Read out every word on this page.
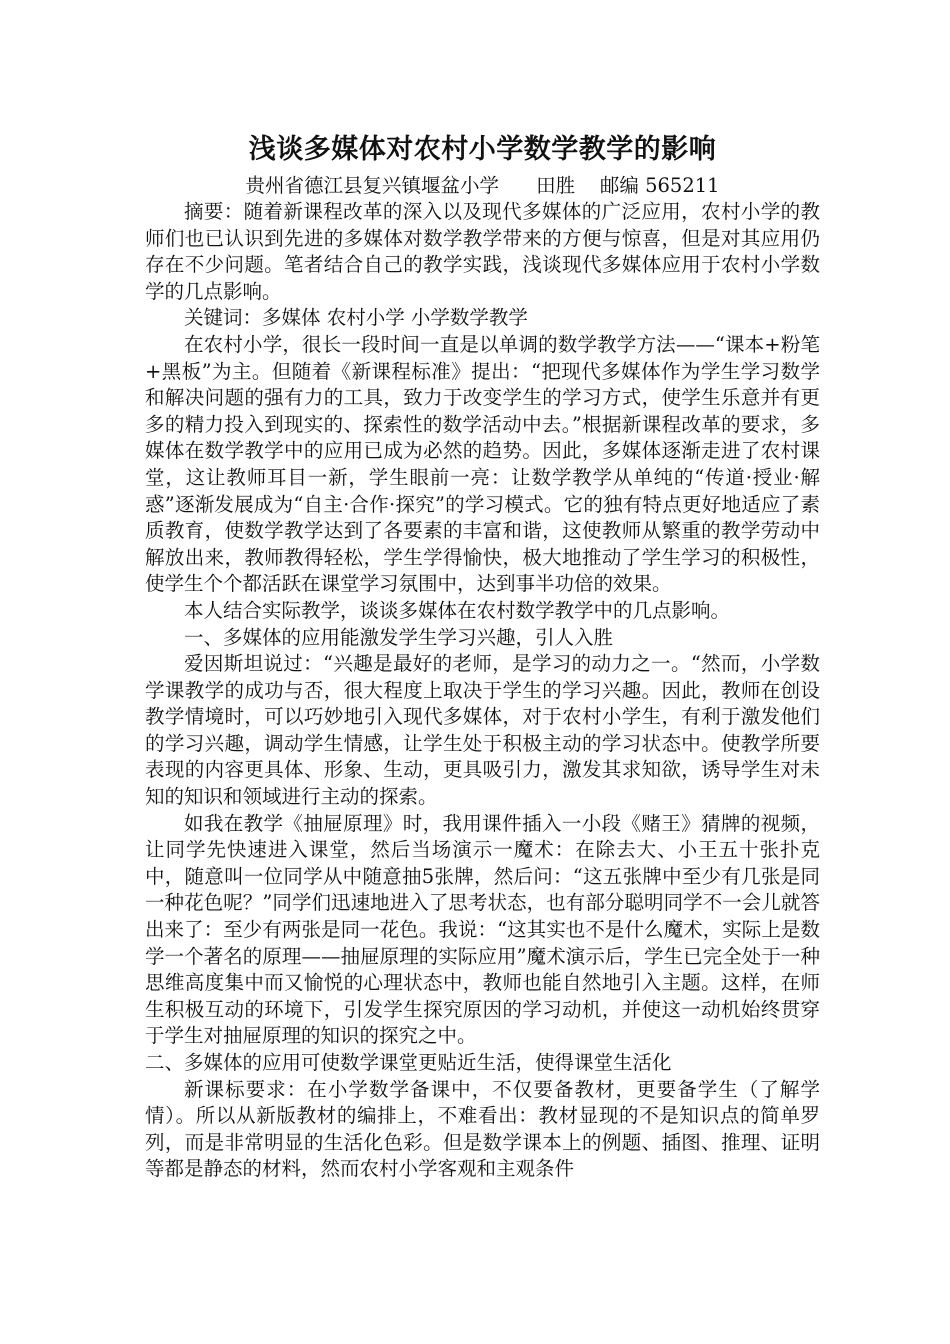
浅谈多媒体对农村小学数学教学的影响
贵州省德江县复兴镇堰盆小学      田胜    邮编 565211

摘要：随着新课程改革的深入以及现代多媒体的广泛应用，农村小学的教师们也已认识到先进的多媒体对数学教学带来的方便与惊喜，但是对其应用仍存在不少问题。笔者结合自己的教学实践，浅谈现代多媒体应用于农村小学数学的几点影响。

关键词：多媒体 农村小学 小学数学教学

在农村小学，很长一段时间一直是以单调的数学教学方法——“课本+粉笔+黑板”为主。但随着《新课程标准》提出：“把现代多媒体作为学生学习数学和解决问题的强有力的工具，致力于改变学生的学习方式，使学生乐意并有更多的精力投入到现实的、探索性的数学活动中去。”根据新课程改革的要求，多媒体在数学教学中的应用已成为必然的趋势。因此，多媒体逐渐走进了农村课堂，这让教师耳目一新，学生眼前一亮：让数学教学从单纯的“传道·授业·解惑”逐渐发展成为“自主·合作·探究”的学习模式。它的独有特点更好地适应了素质教育，使数学教学达到了各要素的丰富和谐，这使教师从繁重的教学劳动中解放出来，教师教得轻松，学生学得愉快，极大地推动了学生学习的积极性，使学生个个都活跃在课堂学习氛围中，达到事半功倍的效果。

本人结合实际教学，谈谈多媒体在农村数学教学中的几点影响。

一、多媒体的应用能激发学生学习兴趣，引人入胜

爱因斯坦说过：“兴趣是最好的老师，是学习的动力之一。“然而，小学数学课教学的成功与否，很大程度上取决于学生的学习兴趣。因此，教师在创设教学情境时，可以巧妙地引入现代多媒体，对于农村小学生，有利于激发他们的学习兴趣，调动学生情感，让学生处于积极主动的学习状态中。使教学所要表现的内容更具体、形象、生动，更具吸引力，激发其求知欲，诱导学生对未知的知识和领域进行主动的探索。

如我在教学《抽屉原理》时，我用课件插入一小段《赌王》猜牌的视频，让同学先快速进入课堂，然后当场演示一魔术：在除去大、小王五十张扑克中，随意叫一位同学从中随意抽5张牌，然后问：“这五张牌中至少有几张是同一种花色呢？”同学们迅速地进入了思考状态，也有部分聪明同学不一会儿就答出来了：至少有两张是同一花色。我说：“这其实也不是什么魔术，实际上是数学一个著名的原理——抽屉原理的实际应用”魔术演示后，学生已完全处于一种思维高度集中而又愉悦的心理状态中，教师也能自然地引入主题。这样，在师生积极互动的环境下，引发学生探究原因的学习动机，并使这一动机始终贯穿于学生对抽屉原理的知识的探究之中。

二、多媒体的应用可使数学课堂更贴近生活，使得课堂生活化

新课标要求：在小学数学备课中，不仅要备教材，更要备学生（了解学情）。所以从新版教材的编排上，不难看出：教材显现的不是知识点的简单罗列，而是非常明显的生活化色彩。但是数学课本上的例题、插图、推理、证明等都是静态的材料，然而农村小学客观和主观条件
